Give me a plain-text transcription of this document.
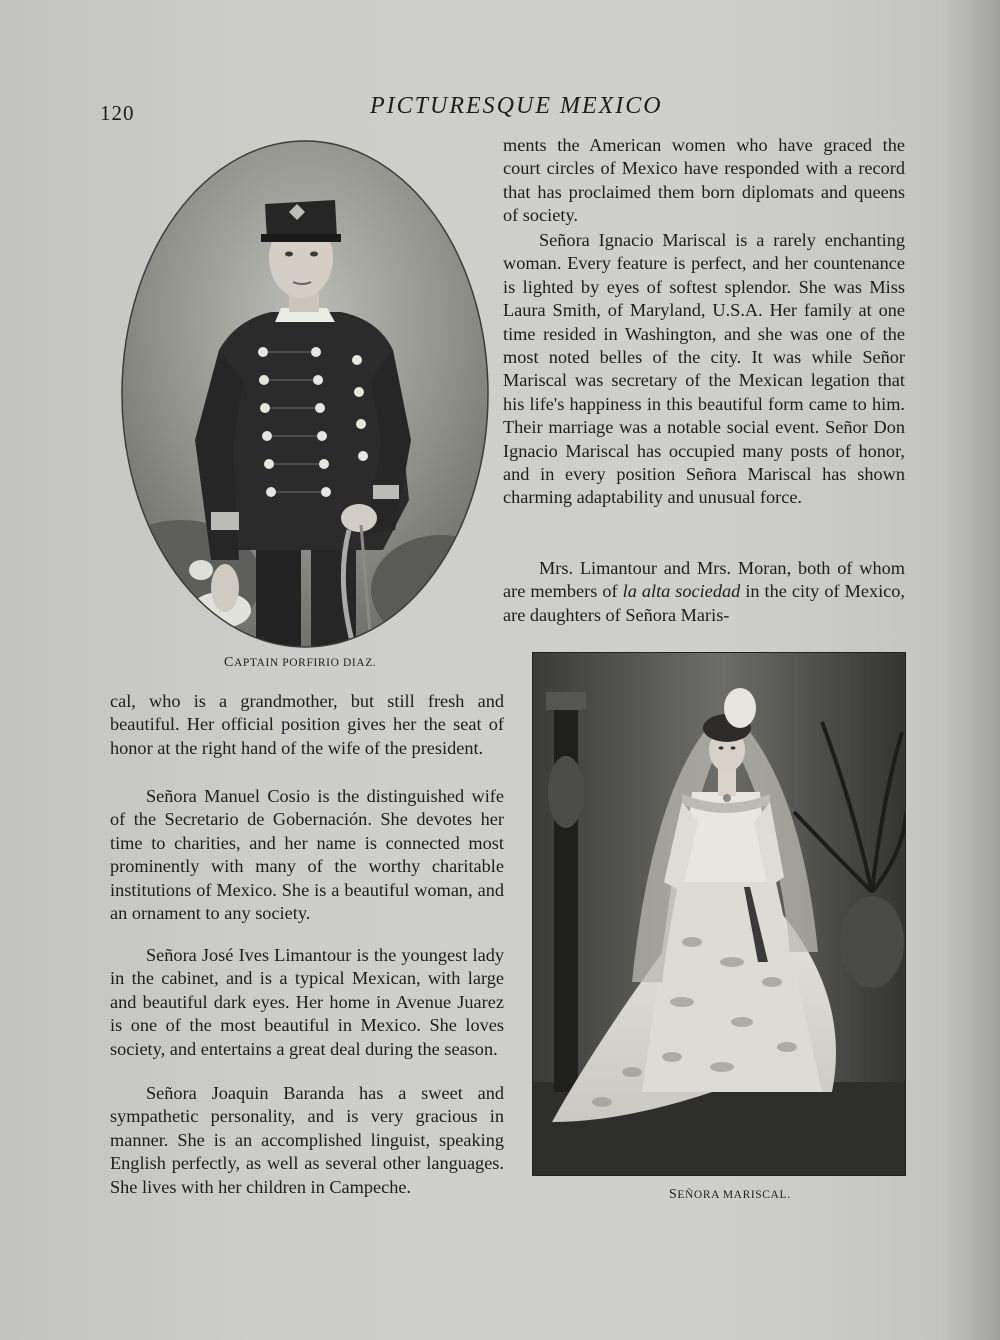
120	PICTURESQUE MEXICO
CAPTAIN PORFIRIO DIAZ.

ments the American women who have graced the court circles of Mexico have responded with a record that has proclaimed them born diplomats and queens of society.

Señora Ignacio Mariscal is a rarely enchanting woman. Every feature is perfect, and her countenance is lighted by eyes of softest splendor. She was Miss Laura Smith, of Maryland, U.S.A. Her family at one time resided in Washington, and she was one of the most noted belles of the city. It was while Señor Mariscal was secretary of the Mexican legation that his life's happiness in this beautiful form came to him. Their marriage was a notable social event. Señor Don Ignacio Mariscal has occupied many posts of honor, and in every position Señora Mariscal has shown charming adaptability and unusual force.

Mrs. Limantour and Mrs. Moran, both of whom are members of la alta sociedad in the city of Mexico, are daughters of Señora Maris-

SEÑORA MARISCAL.

cal, who is a grandmother, but still fresh and beautiful. Her official position gives her the seat of honor at the right hand of the wife of the president.

Señora Manuel Cosio is the distinguished wife of the Secretario de Gobernación. She devotes her time to charities, and her name is connected most prominently with many of the worthy charitable institutions of Mexico. She is a beautiful woman, and an ornament to any society.

Señora José Ives Limantour is the youngest lady in the cabinet, and is a typical Mexican, with large and beautiful dark eyes. Her home in Avenue Juarez is one of the most beautiful in Mexico. She loves society, and entertains a great deal during the season.

Señora Joaquin Baranda has a sweet and sympathetic personality, and is very gracious in manner. She is an accomplished linguist, speaking English perfectly, as well as several other languages. She lives with her children in Campeche.
